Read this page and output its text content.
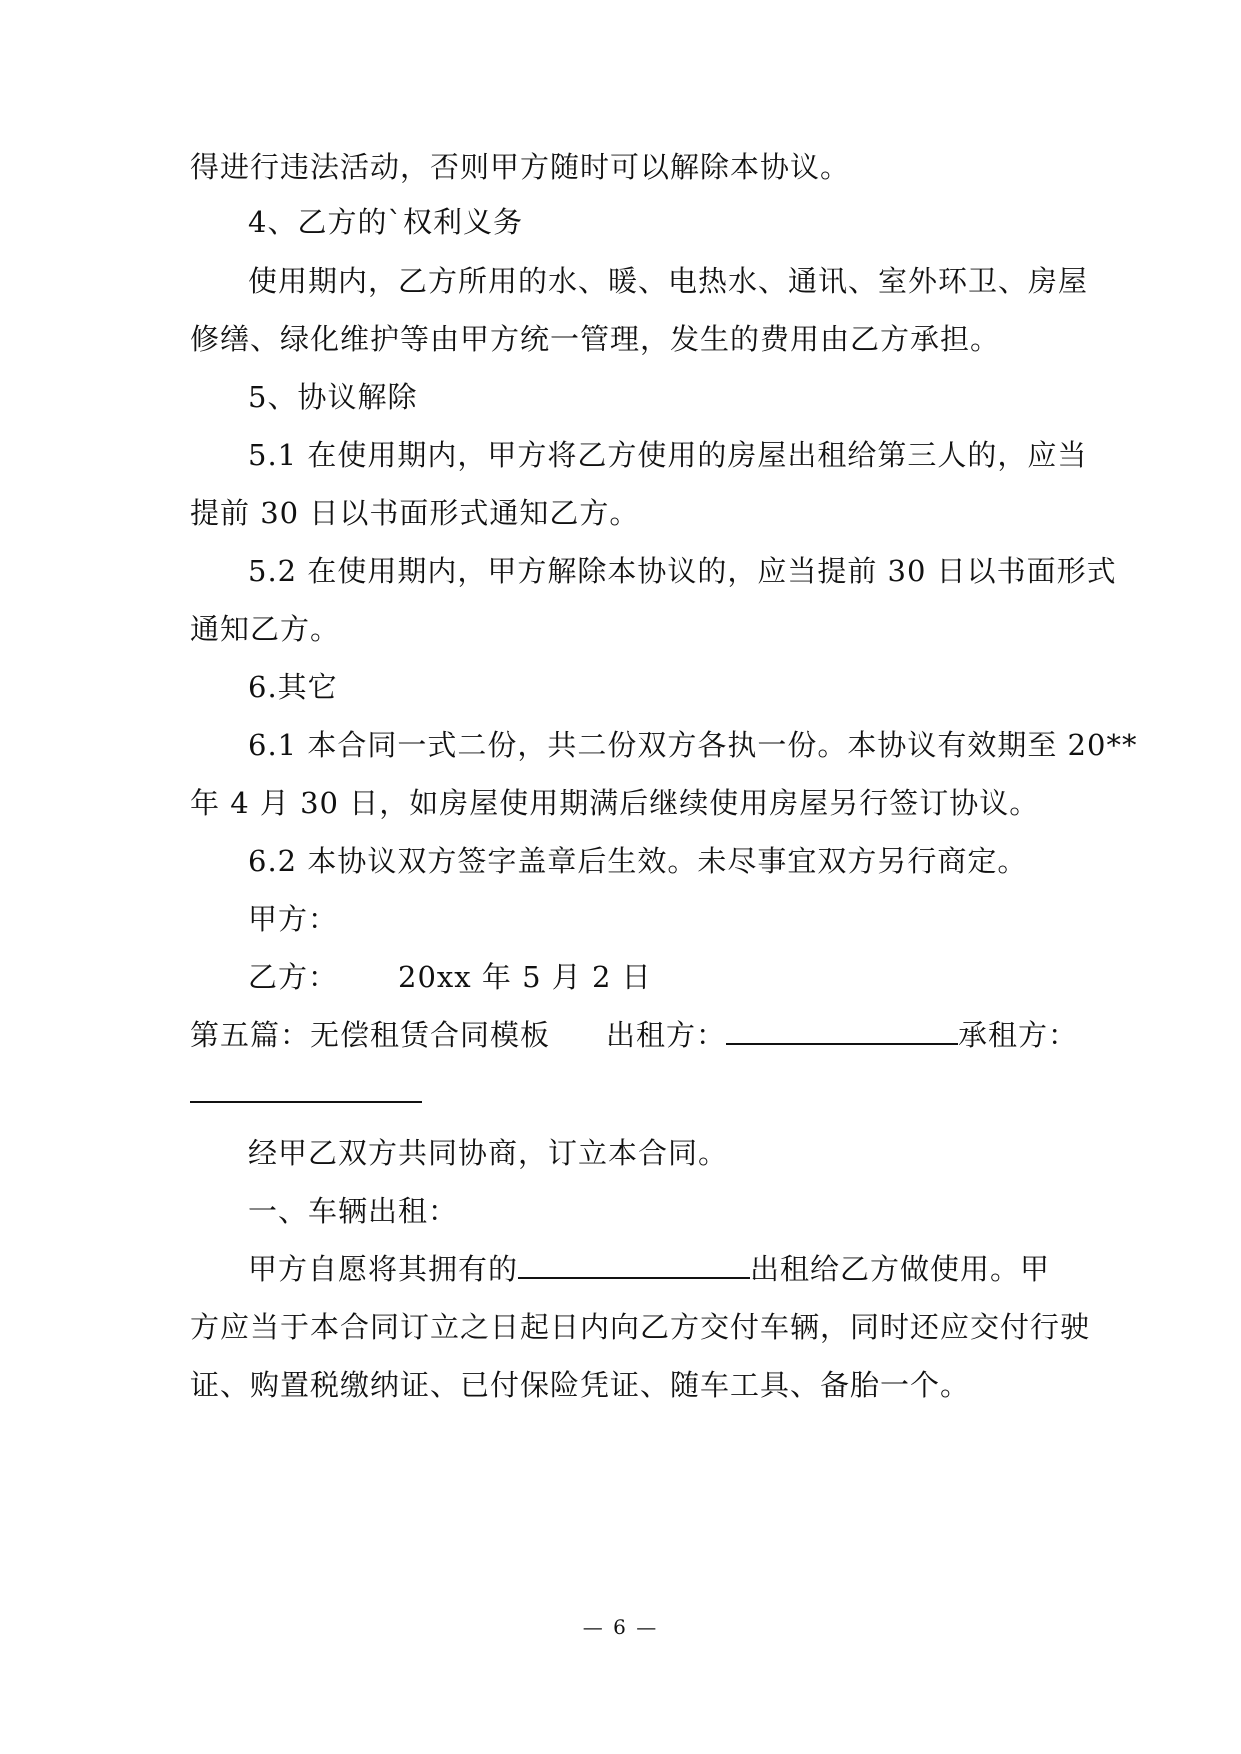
得进行违法活动，否则甲方随时可以解除本协议。
4、乙方的`权利义务
使用期内，乙方所用的水、暖、电热水、通讯、室外环卫、房屋
修缮、绿化维护等由甲方统一管理，发生的费用由乙方承担。
5、协议解除
5.1 在使用期内，甲方将乙方使用的房屋出租给第三人的，应当
提前 30 日以书面形式通知乙方。
5.2 在使用期内，甲方解除本协议的，应当提前 30 日以书面形式
通知乙方。
6.其它
6.1 本合同一式二份，共二份双方各执一份。本协议有效期至 20**
年 4 月 30 日，如房屋使用期满后继续使用房屋另行签订协议。
6.2 本协议双方签字盖章后生效。未尽事宜双方另行商定。
甲方：
乙方： 20xx 年 5 月 2 日
第五篇：无偿租赁合同模板 出租方：	承租方：
经甲乙双方共同协商，订立本合同。
一、车辆出租：
甲方自愿将其拥有的	出租给乙方做使用。甲
方应当于本合同订立之日起日内向乙方交付车辆，同时还应交付行驶
证、购置税缴纳证、已付保险凭证、随车工具、备胎一个。
— 6 —
